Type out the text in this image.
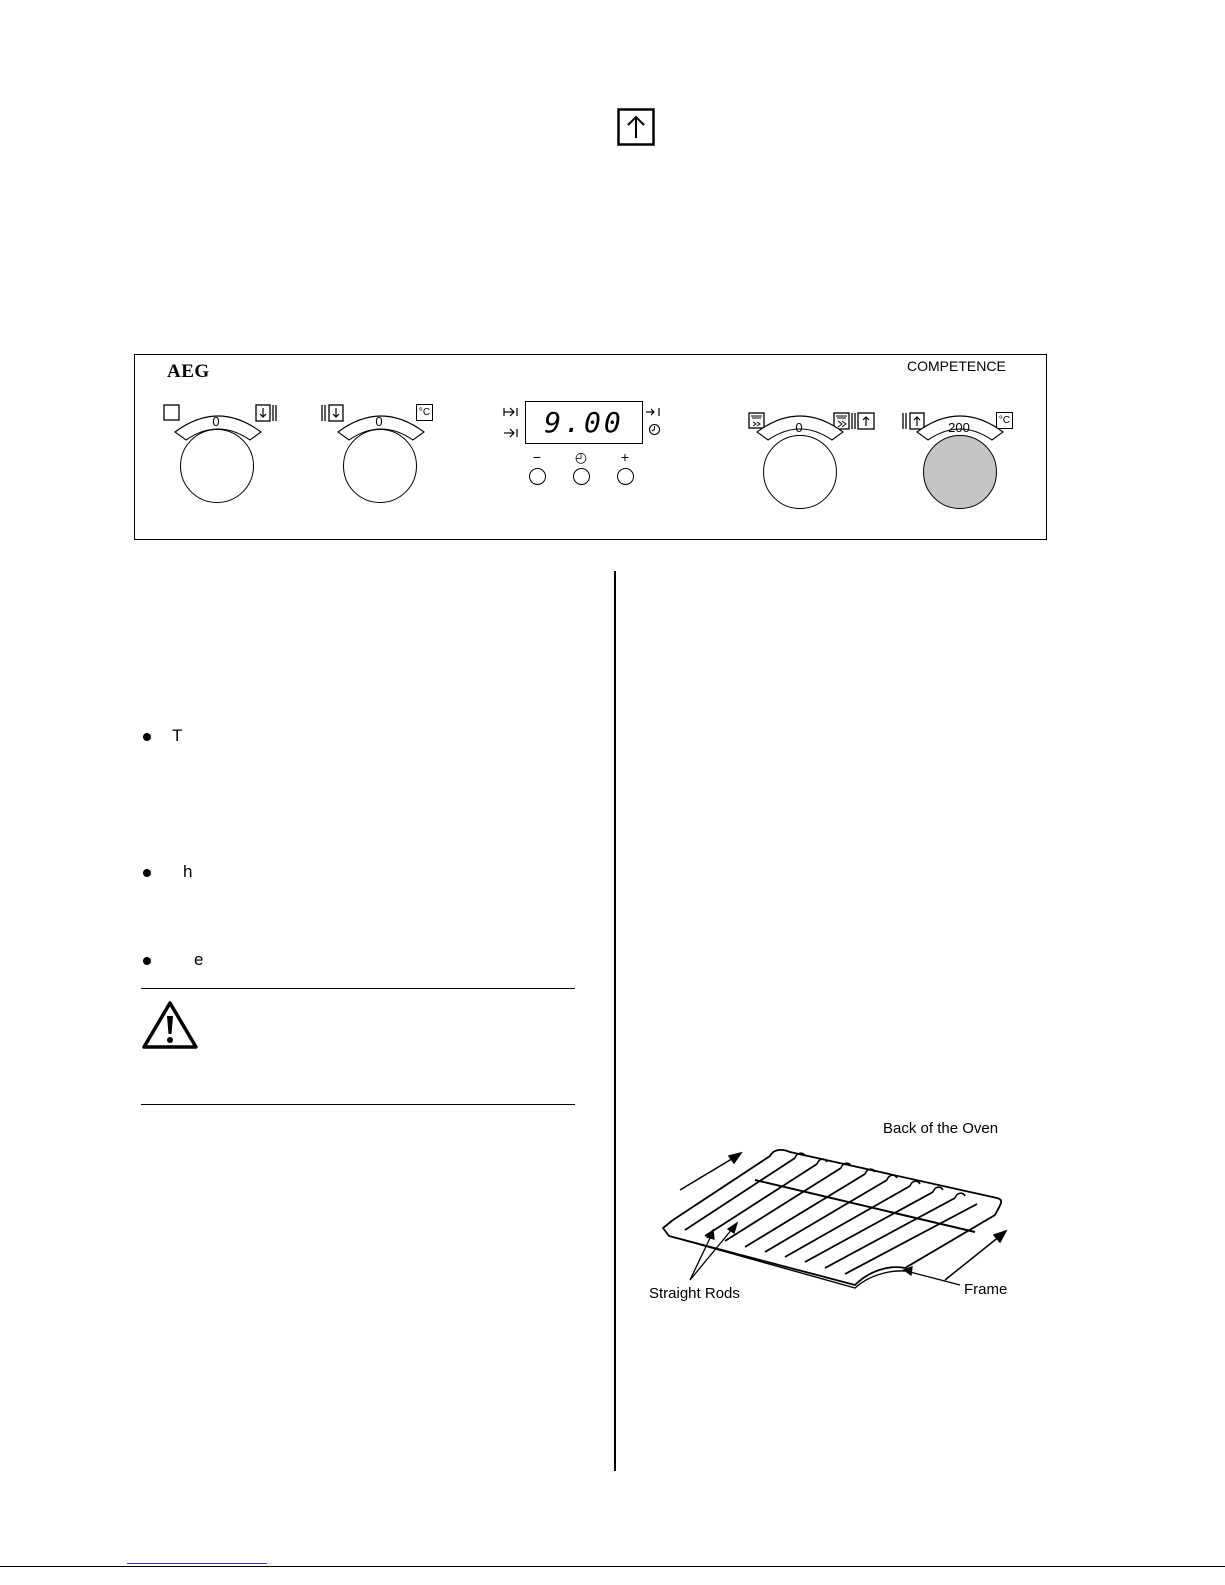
AEG	COMPETENCE
0
°C
0	9.00
−	◴	+
0	°C
200
T
h
e
Back of the Oven
Straight Rods	Frame
